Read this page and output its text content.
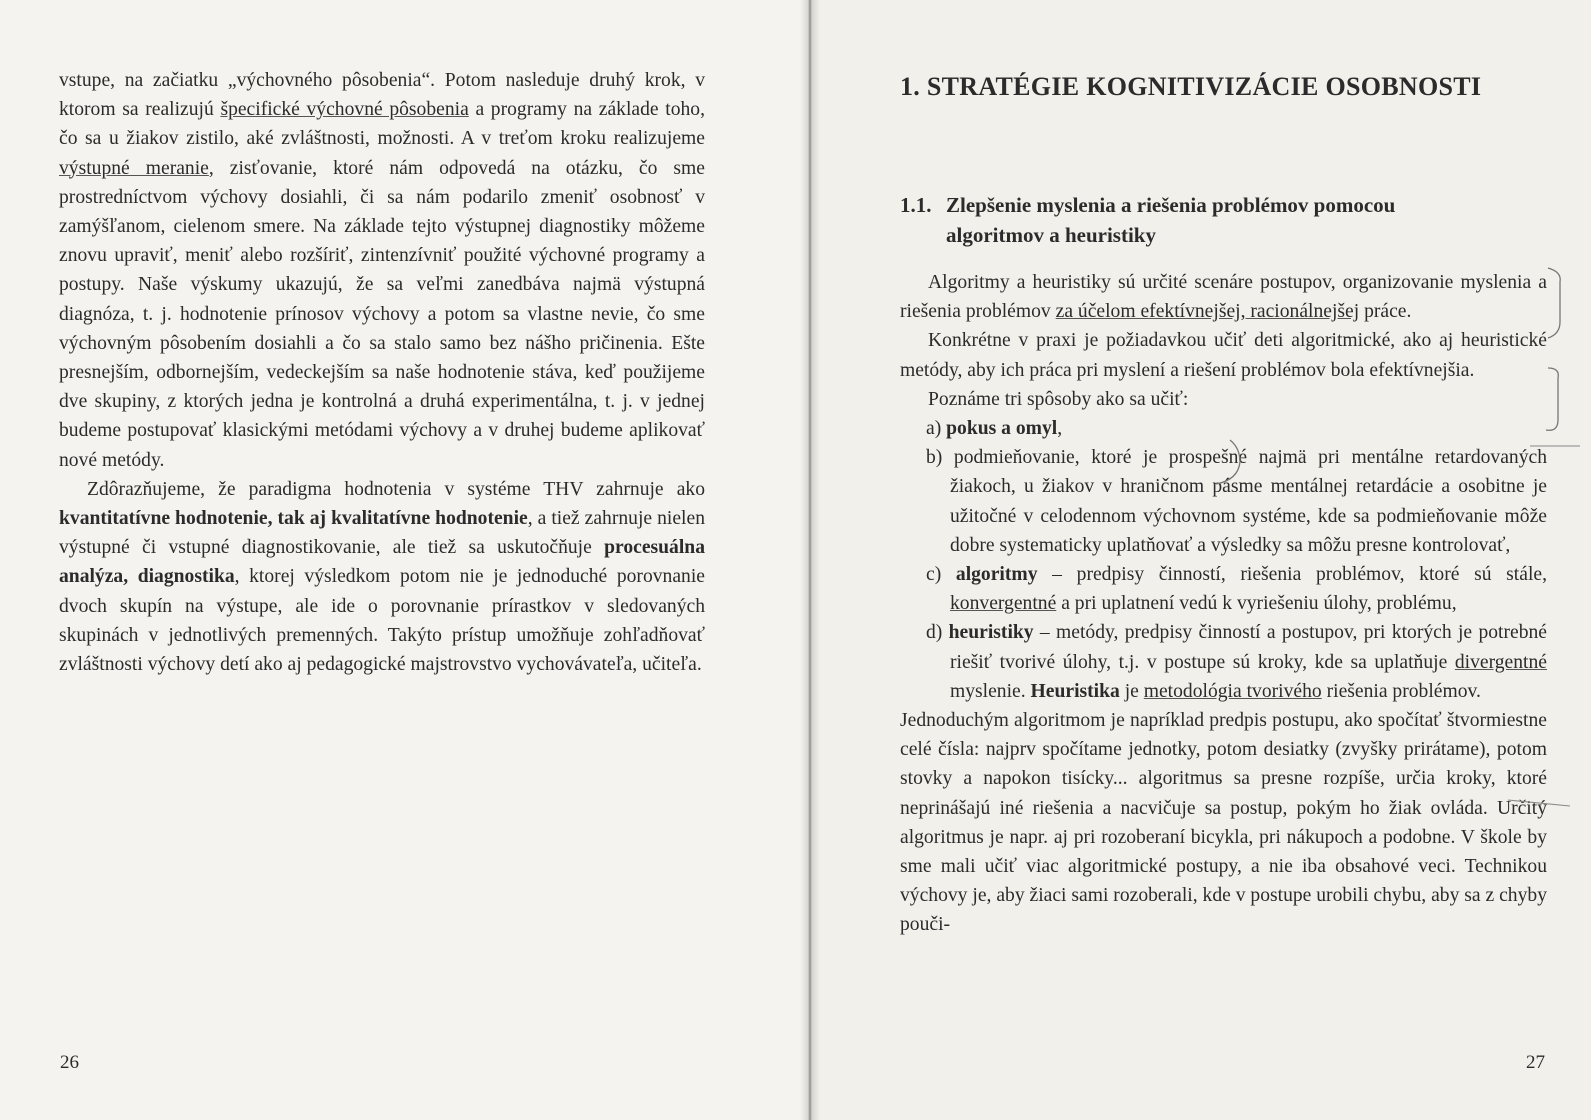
vstupe, na začiatku „výchovného pôsobenia“. Potom nasleduje druhý krok, v ktorom sa realizujú špecifické výchovné pôsobenia a programy na základe toho, čo sa u žiakov zistilo, aké zvláštnosti, možnosti. A v treťom kroku realizujeme výstupné meranie, zisťovanie, ktoré nám odpovedá na otázku, čo sme prostredníctvom výchovy dosiahli, či sa nám podarilo zmeniť osobnosť v zamýšľanom, cielenom smere. Na základe tejto výstupnej diagnostiky môžeme znovu upraviť, meniť alebo rozšíriť, zintenzívniť použité výchovné programy a postupy. Naše výskumy ukazujú, že sa veľmi zanedbáva najmä výstupná diagnóza, t. j. hodnotenie prínosov výchovy a potom sa vlastne nevie, čo sme výchovným pôsobením dosiahli a čo sa stalo samo bez nášho pričinenia. Ešte presnejším, odbornejším, vedeckejším sa naše hodnotenie stáva, keď použijeme dve skupiny, z ktorých jedna je kontrolná a druhá experimentálna, t. j. v jednej budeme postupovať klasickými metódami výchovy a v druhej budeme aplikovať nové metódy.

Zdôrazňujeme, že paradigma hodnotenia v systéme THV zahrnuje ako kvantitatívne hodnotenie, tak aj kvalitatívne hodnotenie, a tiež zahrnuje nielen výstupné či vstupné diagnostikovanie, ale tiež sa uskutočňuje procesuálna analýza, diagnostika, ktorej výsledkom potom nie je jednoduché porovnanie dvoch skupín na výstupe, ale ide o porovnanie prírastkov v sledovaných skupinách v jednotlivých premenných. Takýto prístup umožňuje zohľadňovať zvláštnosti výchovy detí ako aj pedagogické majstrovstvo vychovávateľa, učiteľa.

26
1. STRATÉGIE KOGNITIVIZÁCIE OSOBNOSTI
1.1. Zlepšenie myslenia a riešenia problémov pomocou
algoritmov a heuristiky

Algoritmy a heuristiky sú určité scenáre postupov, organizovanie myslenia a riešenia problémov za účelom efektívnejšej, racionálnejšej práce.

Konkrétne v praxi je požiadavkou učiť deti algoritmické, ako aj heuristické metódy, aby ich práca pri myslení a riešení problémov bola efektívnejšia.

Poznáme tri spôsoby ako sa učiť:

a) pokus a omyl,

b) podmieňovanie, ktoré je prospešné najmä pri mentálne retardovaných žiakoch, u žiakov v hraničnom pásme mentálnej retardácie a osobitne je užitočné v celodennom výchovnom systéme, kde sa podmieňovanie môže dobre systematicky uplatňovať a výsledky sa môžu presne kontrolovať,

c) algoritmy – predpisy činností, riešenia problémov, ktoré sú stále, konvergentné a pri uplatnení vedú k vyriešeniu úlohy, problému,

d) heuristiky – metódy, predpisy činností a postupov, pri ktorých je potrebné riešiť tvorivé úlohy, t.j. v postupe sú kroky, kde sa uplatňuje divergentné myslenie. Heuristika je metodológia tvorivého riešenia problémov.

Jednoduchým algoritmom je napríklad predpis postupu, ako spočítať štvormiestne celé čísla: najprv spočítame jednotky, potom desiatky (zvyšky prirátame), potom stovky a napokon tisícky... algoritmus sa presne rozpíše, určia kroky, ktoré neprinášajú iné riešenia a nacvičuje sa postup, pokým ho žiak ovláda. Určitý algoritmus je napr. aj pri rozoberaní bicykla, pri nákupoch a podobne. V škole by sme mali učiť viac algoritmické postupy, a nie iba obsahové veci. Technikou výchovy je, aby žiaci sami rozoberali, kde v postupe urobili chybu, aby sa z chyby pouči-

27
